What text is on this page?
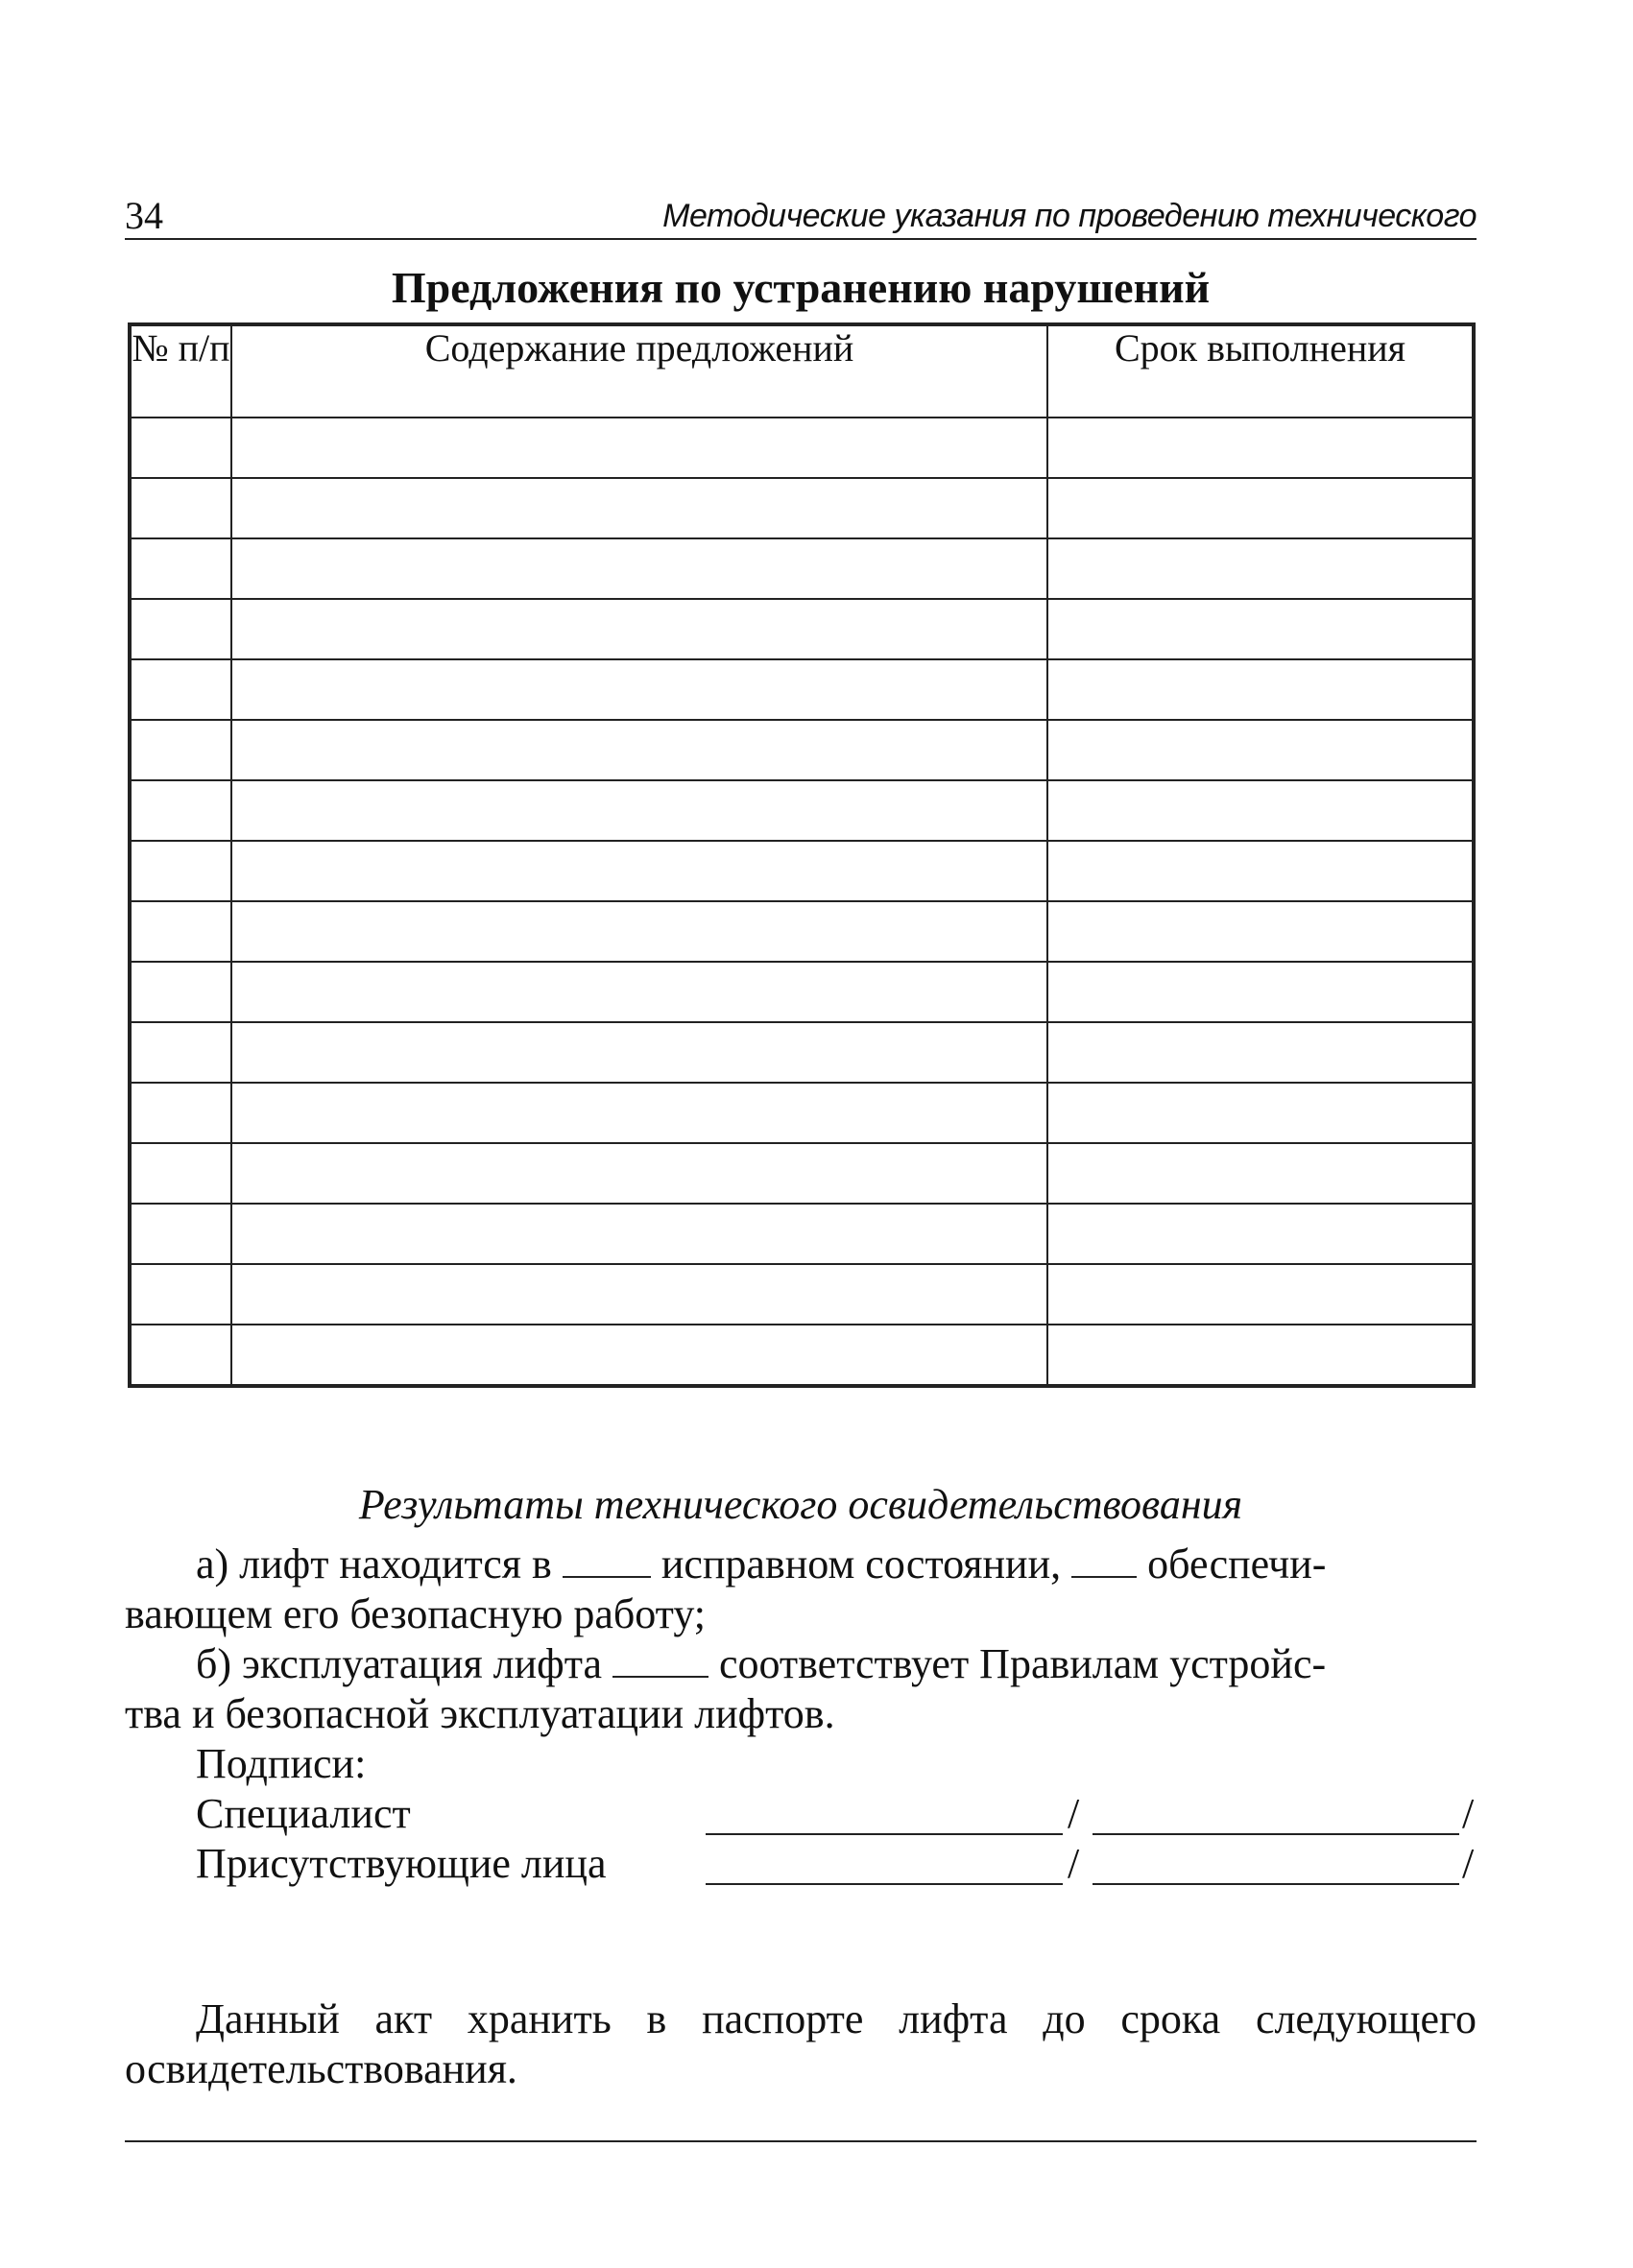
34	Методические указания по проведению технического
Предложения по устранению нарушений
№ п/п	Содержание предложений	Срок выполнения

Результаты технического освидетельствования
а) лифт находится в	исправном состоянии, обеспечи-
вающем его безопасную работу;
б) эксплуатация лифта	соответствует Правилам устройс-
тва и безопасной эксплуатации лифтов.
Подписи:
Специалист	/	/
Присутствующие лица	/	/
Данный акт хранить в паспорте лифта до срока следующего освидетельствования.
